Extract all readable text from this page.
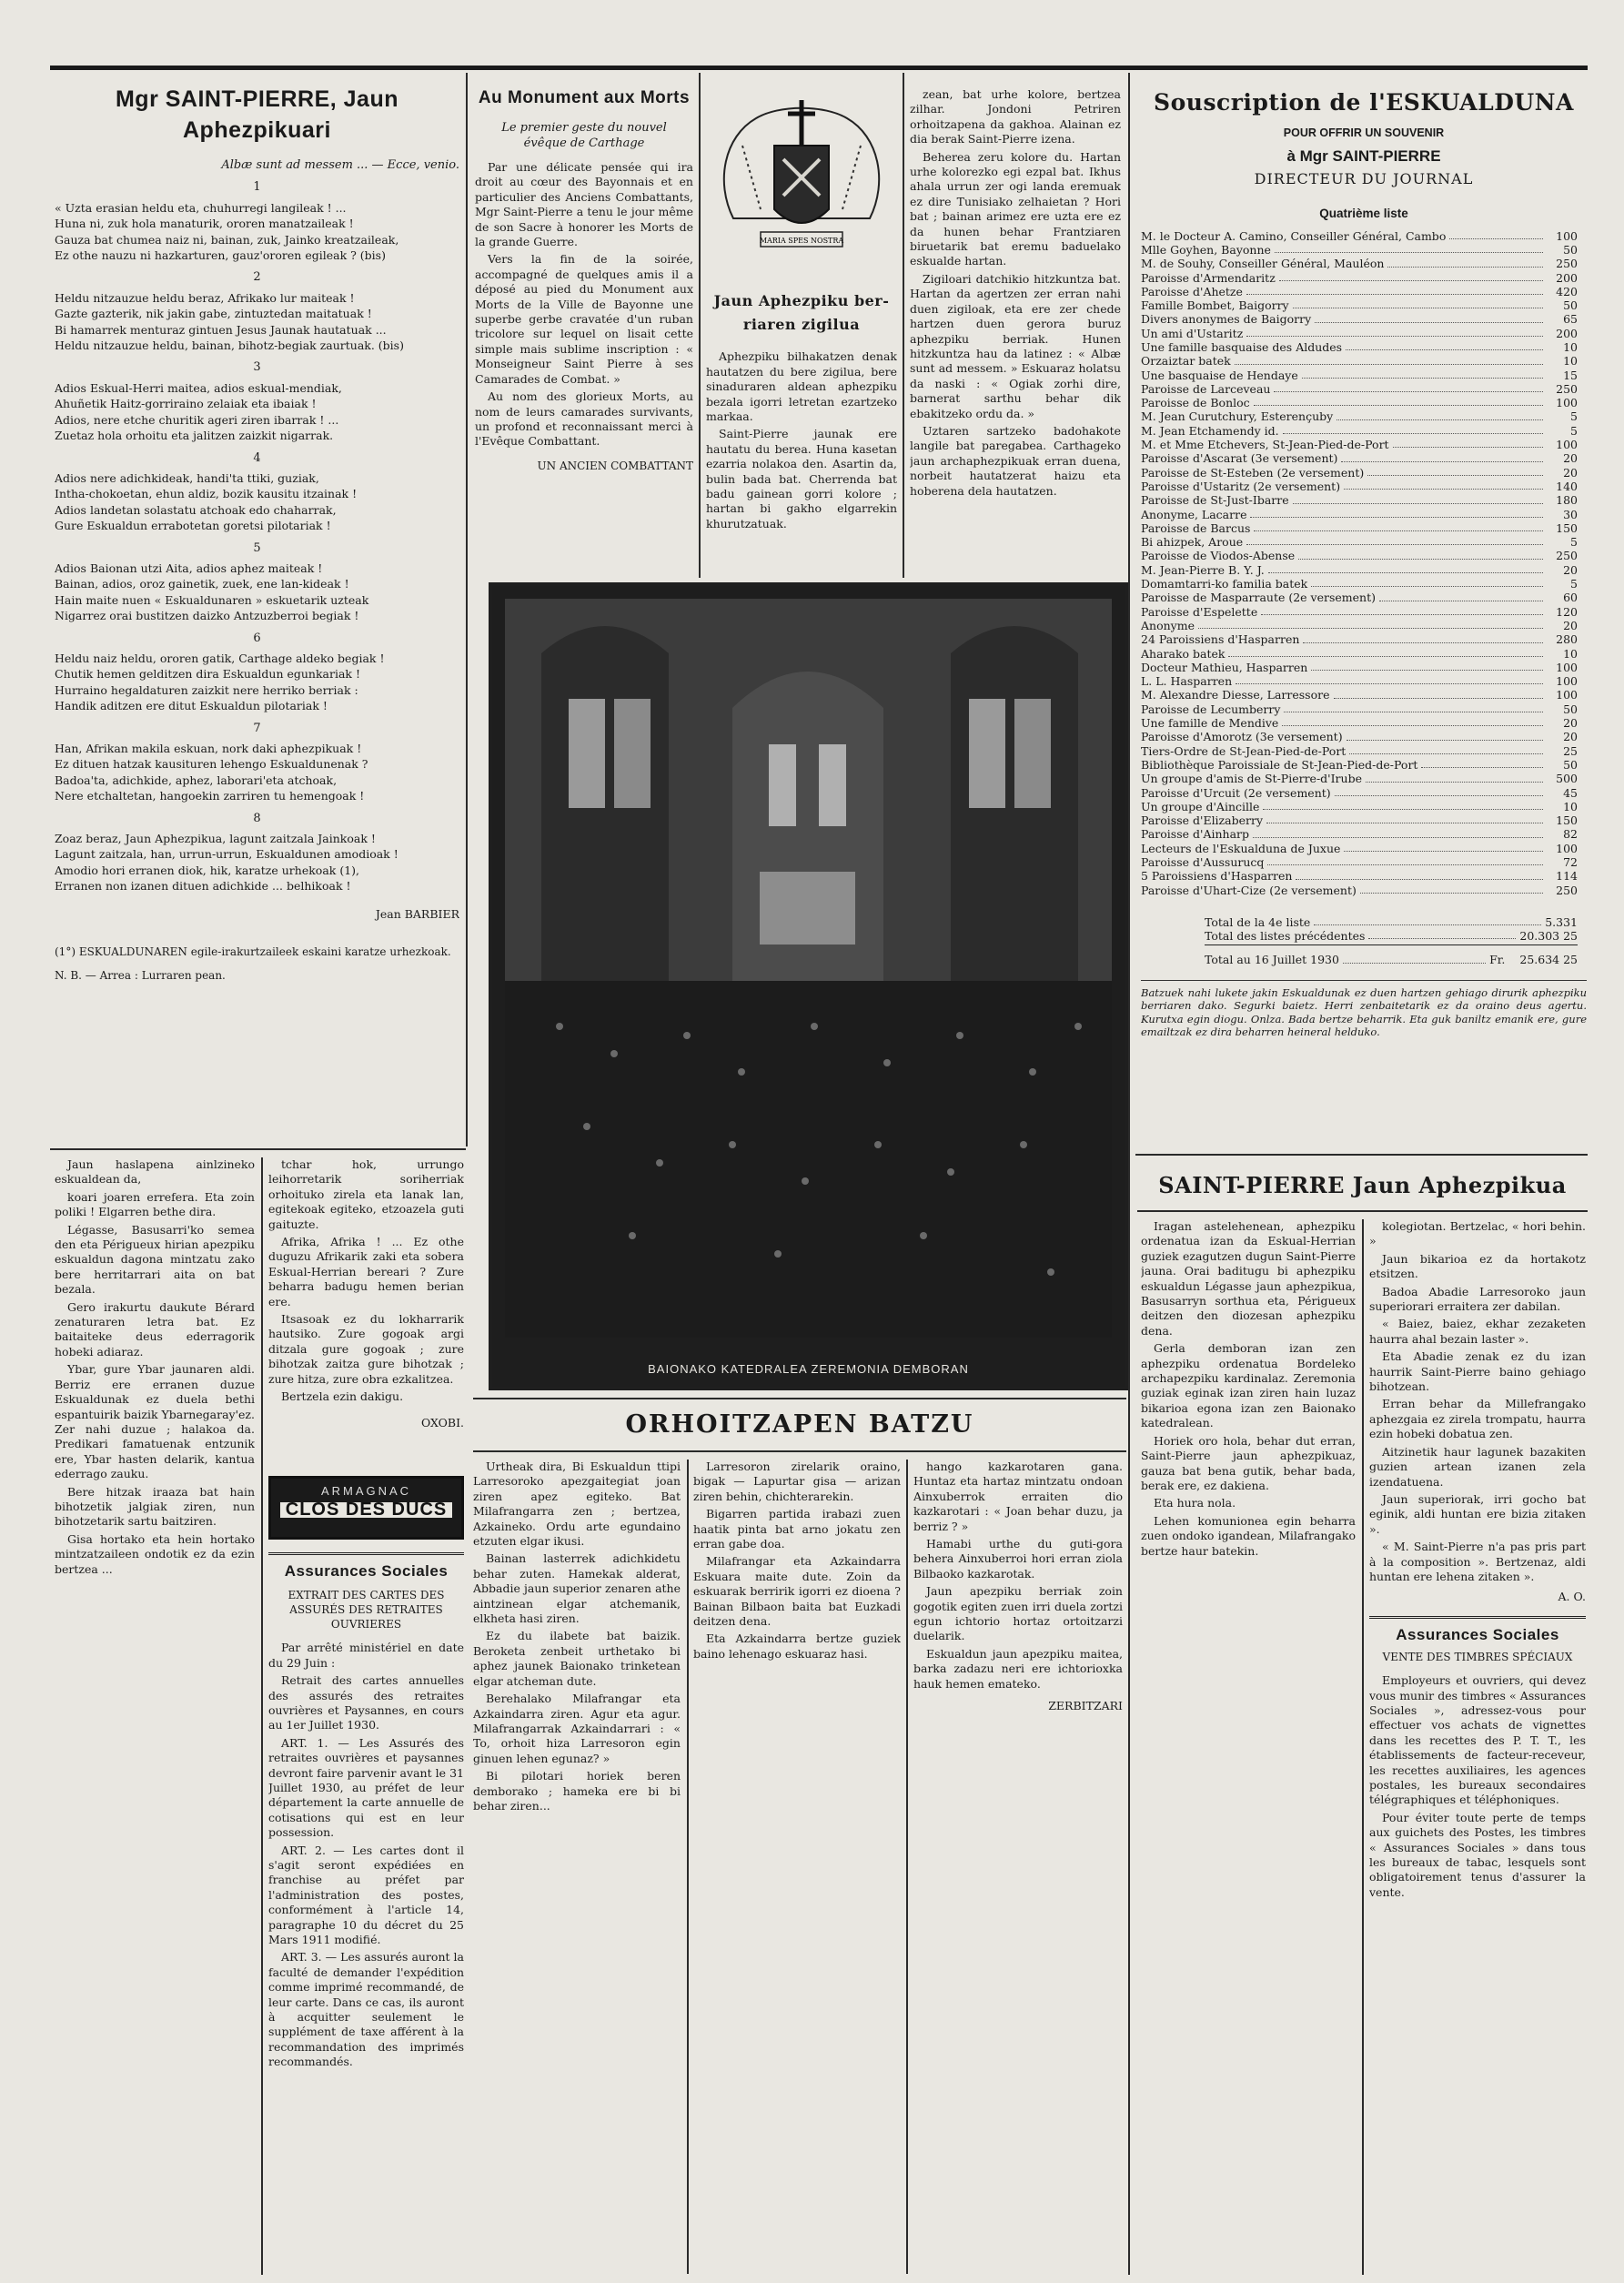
Mgr SAINT-PIERRE, Jaun Aphezpikuari
Albæ sunt ad messem ... — Ecce, venio.
1

« Uzta erasian heldu eta, chuhurregi langileak ! ...

Huna ni, zuk hola manaturik, ororen manatzaileak !

Gauza bat chumea naiz ni, bainan, zuk, Jainko kreatzaileak,

Ez othe nauzu ni hazkarturen, gauz'ororen egileak ? (bis)

2

Heldu nitzauzue heldu beraz, Afrikako lur maiteak !

Gazte gazterik, nik jakin gabe, zintuztedan maitatuak !

Bi hamarrek menturaz gintuen Jesus Jaunak hautatuak ...

Heldu nitzauzue heldu, bainan, bihotz-begiak zaurtuak. (bis)

3

Adios Eskual-Herri maitea, adios eskual-mendiak,

Ahuñetik Haitz-gorriraino zelaiak eta ibaiak !

Adios, nere etche churitik ageri ziren ibarrak ! ...

Zuetaz hola orhoitu eta jalitzen zaizkit nigarrak.

4

Adios nere adichkideak, handi'ta ttiki, guziak,

Intha-chokoetan, ehun aldiz, bozik kausitu itzainak !

Adios landetan solastatu atchoak edo chaharrak,

Gure Eskualdun errabotetan goretsi pilotariak !

5

Adios Baionan utzi Aita, adios aphez maiteak !

Bainan, adios, oroz gainetik, zuek, ene lan-kideak !

Hain maite nuen « Eskualdunaren » eskuetarik uzteak

Nigarrez orai bustitzen daizko Antzuzberroi begiak !

6

Heldu naiz heldu, ororen gatik, Carthage aldeko begiak !

Chutik hemen gelditzen dira Eskualdun egunkariak !

Hurraino hegaldaturen zaizkit nere herriko berriak :

Handik aditzen ere ditut Eskualdun pilotariak !

7

Han, Afrikan makila eskuan, nork daki aphezpikuak !

Ez dituen hatzak kausituren lehengo Eskualdunenak ?

Badoa'ta, adichkide, aphez, laborari'eta atchoak,

Nere etchaltetan, hangoekin zarriren tu hemengoak !

8

Zoaz beraz, Jaun Aphezpikua, lagunt zaitzala Jainkoak !

Lagunt zaitzala, han, urrun-urrun, Eskualdunen amodioak !

Amodio hori erranen diok, hik, karatze urhekoak (1),

Erranen non izanen dituen adichkide ... belhikoak !

Jean BARBIER
(1°) ESKUALDUNAREN egile-irakurtzaileek eskaini karatze urhezkoak.
N. B. — Arrea : Lurraren pean.
Au Monument aux Morts
Le premier geste du nouvel évêque de Carthage

Par une délicate pensée qui ira droit au cœur des Bayonnais et en particulier des Anciens Combattants, Mgr Saint-Pierre a tenu le jour même de son Sacre à honorer les Morts de la grande Guerre.

Vers la fin de la soirée, accompagné de quelques amis il a déposé au pied du Monument aux Morts de la Ville de Bayonne une superbe gerbe cravatée d'un ruban tricolore sur lequel on lisait cette simple mais sublime inscription : « Monseigneur Saint Pierre à ses Camarades de Combat. »

Au nom des glorieux Morts, au nom de leurs camarades survivants, un profond et reconnaissant merci à l'Evêque Combattant.

UN ANCIEN COMBATTANT
MARIA SPES NOSTRA
Jaun Aphezpiku ber-
riaren zigilua

Aphezpiku bilhakatzen denak hautatzen du bere zigilua, bere sinaduraren aldean aphezpiku bezala igorri letretan ezartzeko markaa.

Saint-Pierre jaunak ere hautatu du berea. Huna kasetan ezarria nolakoa den. Asartin da, bulin bada bat. Cherrenda bat badu gainean gorri kolore ; hartan bi gakho elgarrekin khurutzatuak.

zean, bat urhe kolore, bertzea zilhar. Jondoni Petriren orhoitzapena da gakhoa. Alainan ez dia berak Saint-Pierre izena.

Beherea zeru kolore du. Hartan urhe kolorezko egi ezpal bat. Ikhus ahala urrun zer ogi landa eremuak ez dire Tunisiako zelhaietan ? Hori bat ; bainan arimez ere uzta ere ez da hunen behar Frantziaren biruetarik bat eremu baduelako eskualde hartan.

Zigiloari datchikio hitzkuntza bat. Hartan da agertzen zer erran nahi duen zigiloak, eta ere zer chede hartzen duen gerora buruz aphezpiku berriak. Hunen hitzkuntza hau da latinez : « Albæ sunt ad messem. » Eskuaraz holatsu da naski : « Ogiak zorhi dire, barnerat sarthu behar dik ebakitzeko ordu da. »

Uztaren sartzeko badohakote langile bat paregabea. Carthageko jaun archaphezpikuak erran duena, norbeit hautatzerat haizu eta hoberena dela hautatzen.

Souscription de l'ESKUALDUNA
POUR OFFRIR UN SOUVENIR
à Mgr SAINT-PIERRE
DIRECTEUR DU JOURNAL
Quatrième liste
M. le Docteur A. Camino, Conseiller Général, Cambo	100
Mlle Goyhen, Bayonne	50
M. de Souhy, Conseiller Général, Mauléon	250
Paroisse d'Armendaritz	200
Paroisse d'Ahetze	420
Famille Bombet, Baigorry	50
Divers anonymes de Baigorry	65
Un ami d'Ustaritz	200
Une famille basquaise des Aldudes	10
Orzaiztar batek	10
Une basquaise de Hendaye	15
Paroisse de Larceveau	250
Paroisse de Bonloc	100
M. Jean Curutchury, Esterençuby	5
M. Jean Etchamendy id.	5
M. et Mme Etchevers, St-Jean-Pied-de-Port	100
Paroisse d'Ascarat (3e versement)	20
Paroisse de St-Esteben (2e versement)	20
Paroisse d'Ustaritz (2e versement)	140
Paroisse de St-Just-Ibarre	180
Anonyme, Lacarre	30
Paroisse de Barcus	150
Bi ahizpek, Aroue	5
Paroisse de Viodos-Abense	250
M. Jean-Pierre B. Y. J.	20
Domamtarri-ko familia batek	5
Paroisse de Masparraute (2e versement)	60
Paroisse d'Espelette	120
Anonyme	20
24 Paroissiens d'Hasparren	280
Aharako batek	10
Docteur Mathieu, Hasparren	100
L. L. Hasparren	100
M. Alexandre Diesse, Larressore	100
Paroisse de Lecumberry	50
Une famille de Mendive	20
Paroisse d'Amorotz (3e versement)	20
Tiers-Ordre de St-Jean-Pied-de-Port	25
Bibliothèque Paroissiale de St-Jean-Pied-de-Port	50
Un groupe d'amis de St-Pierre-d'Irube	500
Paroisse d'Urcuit (2e versement)	45
Un groupe d'Aincille	10
Paroisse d'Elizaberry	150
Paroisse d'Ainharp	82
Lecteurs de l'Eskualduna de Juxue	100
Paroisse d'Aussurucq	72
5 Paroissiens d'Hasparren	114
Paroisse d'Uhart-Cize (2e versement)	250
Total de la 4e liste	5.331
Total des listes précédentes	20.303 25
Total au 16 Juillet 1930	Fr. 25.634 25
Batzuek nahi lukete jakin Eskualdunak ez duen hartzen gehiago dirurik aphezpiku berriaren dako. Segurki baietz. Herri zenbaitetarik ez da oraino deus agertu. Kurutxa egin diogu. Onlza. Bada bertze beharrik. Eta guk baniltz emanik ere, gure emailtzak ez dira beharren heineral helduko.

Jaun haslapena ainlzineko eskualdean da,

koari joaren errefera. Eta zoin poliki ! Elgarren bethe dira.

Légasse, Basusarri'ko semea den eta Périgueux hirian apezpiku eskualdun dagona mintzatu zako bere herritarrari aita on bat bezala.

Gero irakurtu daukute Bérard zenaturaren letra bat. Ez baitaiteke deus ederragorik hobeki adiaraz.

Ybar, gure Ybar jaunaren aldi. Berriz ere erranen duzue Eskualdunak ez duela bethi espantuirik baizik Ybarnegaray'ez. Zer nahi duzue ; halakoa da. Predikari famatuenak entzunik ere, Ybar hasten delarik, kantua ederrago zauku.

Bere hitzak iraaza bat hain bihotzetik jalgiak ziren, nun bihotzetarik sartu baitziren.

Gisa hortako eta hein hortako mintzatzaileen ondotik ez da ezin bertzea ...

tchar hok, urrungo leihorretarik soriherriak orhoituko zirela eta lanak lan, egitekoak egiteko, etzoazela guti gaituzte.

Afrika, Afrika ! ... Ez othe duguzu Afrikarik zaki eta sobera Eskual-Herrian bereari ? Zure beharra badugu hemen berian ere.

Itsasoak ez du lokharrarik hautsiko. Zure gogoak argi ditzala gure gogoak ; zure bihotzak zaitza gure bihotzak ; zure hitza, zure obra ezkalitzea.

Bertzela ezin dakigu.

OXOBI.
ARMAGNAC
CLOS DES DUCS
Assurances Sociales
EXTRAIT DES CARTES DES ASSURÉS DES RETRAITES OUVRIERES

Par arrêté ministériel en date du 29 Juin :

Retrait des cartes annuelles des assurés des retraites ouvrières et Paysannes, en cours au 1er Juillet 1930.

ART. 1. — Les Assurés des retraites ouvrières et paysannes devront faire parvenir avant le 31 Juillet 1930, au préfet de leur département la carte annuelle de cotisations qui est en leur possession.

ART. 2. — Les cartes dont il s'agit seront expédiées en franchise au préfet par l'administration des postes, conformément à l'article 14, paragraphe 10 du décret du 25 Mars 1911 modifié.

ART. 3. — Les assurés auront la faculté de demander l'expédition comme imprimé recommandé, de leur carte. Dans ce cas, ils auront à acquitter seulement le supplément de taxe afférent à la recommandation des imprimés recommandés.

BAIONAKO KATEDRALEA ZEREMONIA DEMBORAN
ORHOITZAPEN BATZU

Urtheak dira, Bi Eskualdun ttipi Larresoroko apezgaitegiat joan ziren apez egiteko. Bat Milafrangarra zen ; bertzea, Azkaineko. Ordu arte egundaino etzuten elgar ikusi.

Bainan lasterrek adichkidetu behar zuten. Hamekak alderat, Abbadie jaun superior zenaren athe aintzinean elgar atchemanik, elkheta hasi ziren.

Ez du ilabete bat baizik. Beroketa zenbeit urthetako bi aphez jaunek Baionako trinketean elgar atcheman dute.

Berehalako Milafrangar eta Azkaindarra ziren. Agur eta agur. Milafrangarrak Azkaindarrari : « To, orhoit hiza Larresoron egin ginuen lehen egunaz? »

Bi pilotari horiek beren demborako ; hameka ere bi bi behar ziren...

Larresoron zirelarik oraino, bigak — Lapurtar gisa — arizan ziren behin, chichterarekin.

Bigarren partida irabazi zuen haatik pinta bat arno jokatu zen erran gabe doa.

Milafrangar eta Azkaindarra Eskuara maite dute. Zoin da eskuarak berririk igorri ez dioena ? Bainan Bilbaon baita bat Euzkadi deitzen dena.

Eta Azkaindarra bertze guziek baino lehenago eskuaraz hasi.

hango kazkarotaren gana. Huntaz eta hartaz mintzatu ondoan Ainxuberrok erraiten dio kazkarotari : « Joan behar duzu, ja berriz ? »

Hamabi urthe du guti-gora behera Ainxuberroi hori erran ziola Bilbaoko kazkarotak.

Jaun apezpiku berriak zoin gogotik egiten zuen irri duela zortzi egun ichtorio hortaz ortoitzarzi duelarik.

Eskualdun jaun apezpiku maitea, barka zadazu neri ere ichtorioxka hauk hemen emateko.

ZERBITZARI
SAINT-PIERRE Jaun Aphezpikua

Iragan astelehenean, aphezpiku ordenatua izan da Eskual-Herrian guziek ezagutzen dugun Saint-Pierre jauna. Orai baditugu bi aphezpiku eskualdun Légasse jaun aphezpikua, Basusarryn sorthua eta, Périgueux deitzen den diozesan aphezpiku dena.

Gerla demboran izan zen aphezpiku ordenatua Bordeleko archapezpiku kardinalaz. Zeremonia guziak eginak izan ziren hain luzaz bikarioa egona izan zen Baionako katedralean.

Horiek oro hola, behar dut erran, Saint-Pierre jaun aphezpikuaz, gauza bat bena gutik, behar bada, berak ere, ez dakiena.

Eta hura nola.

Lehen komunionea egin beharra zuen ondoko igandean, Milafrangako bertze haur batekin.

kolegiotan. Bertzelac, « hori behin. »

Jaun bikarioa ez da hortakotz etsitzen.

Badoa Abadie Larresoroko jaun superiorari erraitera zer dabilan.

« Baiez, baiez, ekhar zezaketen haurra ahal bezain laster ».

Eta Abadie zenak ez du izan haurrik Saint-Pierre baino gehiago bihotzean.

Erran behar da Millefrangako aphezgaia ez zirela trompatu, haurra ezin hobeki dobatua zen.

Aitzinetik haur lagunek bazakiten guzien artean izanen zela izendatuena.

Jaun superiorak, irri gocho bat eginik, aldi huntan ere bizia zitaken ».

« M. Saint-Pierre n'a pas pris part à la composition ». Bertzenaz, aldi huntan ere lehena zitaken ».

A. O.
Assurances Sociales
VENTE DES TIMBRES SPÉCIAUX

Employeurs et ouvriers, qui devez vous munir des timbres « Assurances Sociales », adressez-vous pour effectuer vos achats de vignettes dans les recettes des P. T. T., les établissements de facteur-receveur, les recettes auxiliaires, les agences postales, les bureaux secondaires télégraphiques et téléphoniques.

Pour éviter toute perte de temps aux guichets des Postes, les timbres « Assurances Sociales » dans tous les bureaux de tabac, lesquels sont obligatoirement tenus d'assurer la vente.
